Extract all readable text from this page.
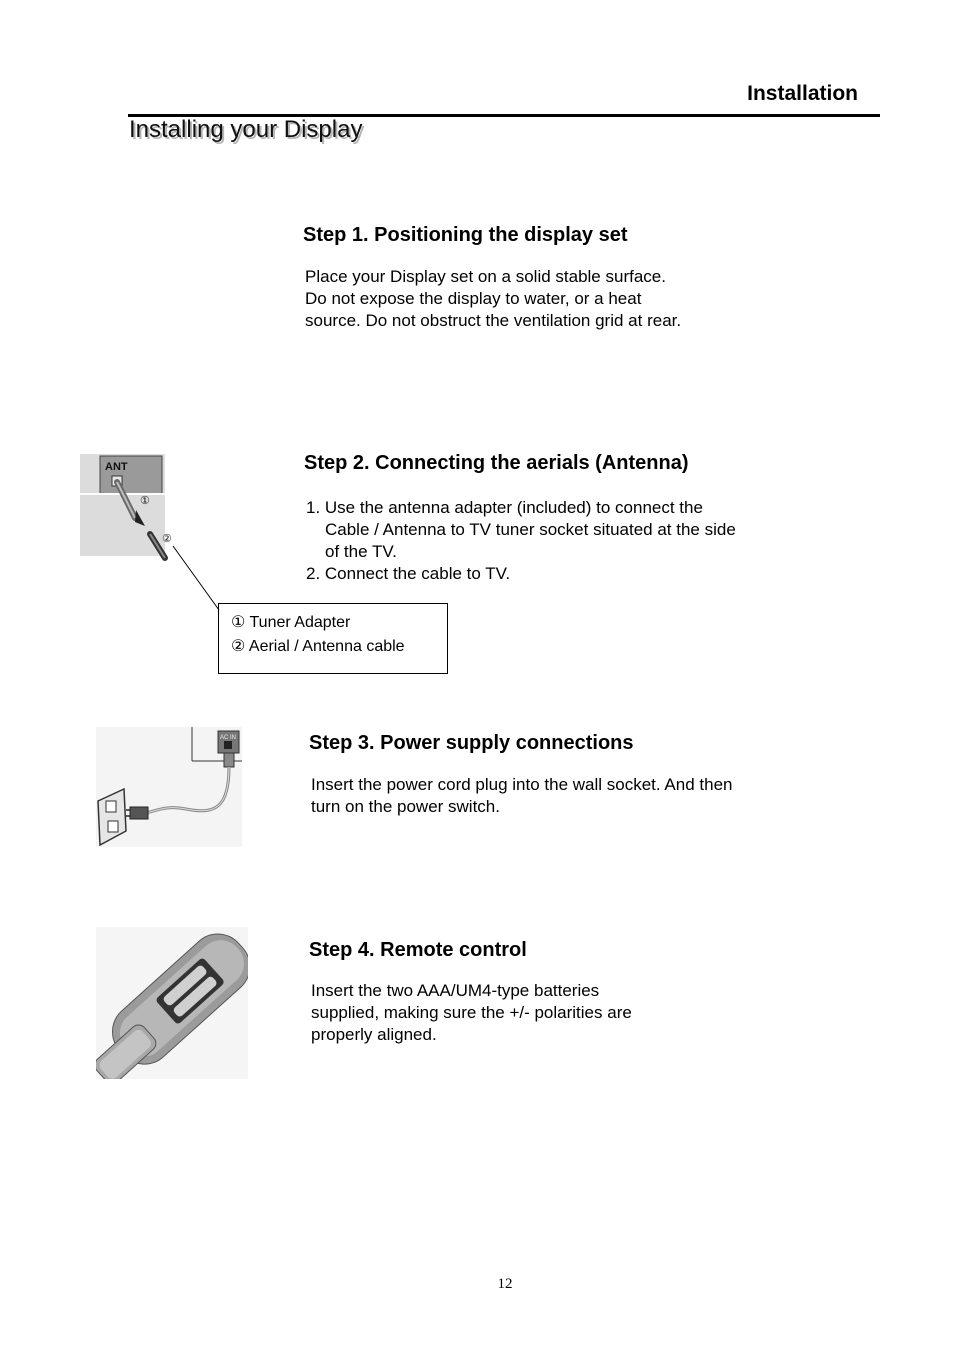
Installation
Installing your Display
Step 1. Positioning the display set
Place your Display set on a solid stable surface.
Do not expose the display to water, or a heat
source. Do not obstruct the ventilation grid at rear.
ANT
①
②
Step 2. Connecting the aerials (Antenna)
1. Use the antenna adapter (included) to connect the
Cable / Antenna to TV tuner socket situated at the side
of the TV.
2. Connect the cable to TV.
① Tuner Adapter
② Aerial / Antenna cable
AC IN	Step 3. Power supply connections
Insert the power cord plug into the wall socket. And then
turn on the power switch.
Step 4. Remote control
Insert the two AAA/UM4-type batteries
supplied, making sure the +/- polarities are
properly aligned.
12
